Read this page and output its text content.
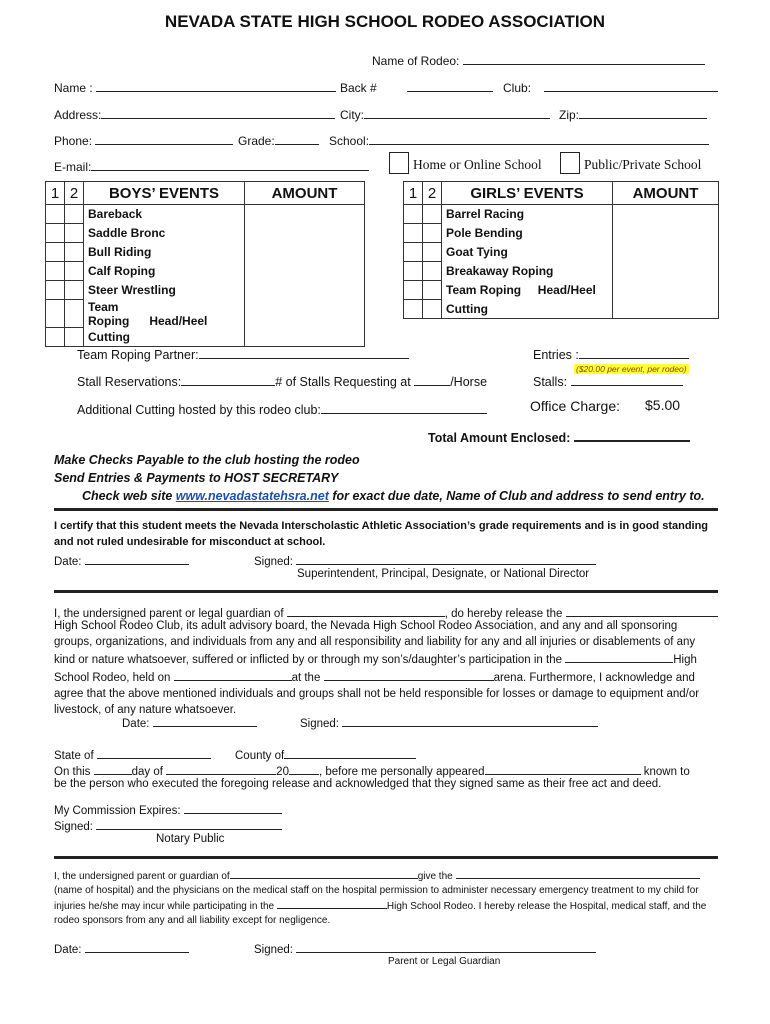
NEVADA STATE HIGH SCHOOL RODEO ASSOCIATION
Name of Rodeo:
Name :	Back #	Club:
Address:	City:	Zip:
Phone:	Grade:	School:
E-mail:	Home or Online School	Public/Private School
1	2	BOYS’ EVENTS	AMOUNT
		Bareback	
		Saddle Bronc	
		Bull Riding	
		Calf Roping	
		Steer Wrestling	
		Team Roping Head/Heel	
		Cutting	
1	2	GIRLS’ EVENTS	AMOUNT
		Barrel Racing	
		Pole Bending	
		Goat Tying	
		Breakaway Roping	
		Team Roping Head/Heel	
		Cutting	
Team Roping Partner:	Entries :
($20.00 per event, per rodeo)
Stall Reservations:	# of Stalls Requesting at	/Horse	Stalls:
Additional Cutting hosted by this rodeo club:	Office Charge: $5.00
Total Amount Enclosed:
Make Checks Payable to the club hosting the rodeo
Send Entries & Payments to HOST SECRETARY
Check web site www.nevadastatehsra.net for exact due date, Name of Club and address to send entry to.
I certify that this student meets the Nevada Interscholastic Athletic Association’s grade requirements and is in good standing and not ruled undesirable for misconduct at school.
Date:	Signed:
Superintendent, Principal, Designate, or National Director
I, the undersigned parent or legal guardian of	, do hereby release the
High School Rodeo Club, its adult advisory board, the Nevada High School Rodeo Association, and any and all sponsoring groups, organizations, and individuals from any and all responsibility and liability for any and all injuries or disablements of any kind or nature whatsoever, suffered or inflicted by or through my son’s/daughter’s participation in the	High School Rodeo, held on	at the	arena. Furthermore, I acknowledge and agree that the above mentioned individuals and groups shall not be held responsible for losses or damage to equipment and/or livestock, of any nature whatsoever.
Date:	Signed:
State of	County of
On this	day of	20	, before me personally appeared	known to
be the person who executed the foregoing release and acknowledged that they signed same as their free act and deed.
My Commission Expires:
Signed:
Notary Public
I, the undersigned parent or guardian of	give the  (name of hospital) and the physicians on the medical staff on the hospital permission to administer necessary emergency treatment to my child for injuries he/she may incur while participating in the	High School Rodeo. I hereby release the Hospital, medical staff, and the rodeo sponsors from any and all liability except for negligence.
Date:	Signed:
Parent or Legal Guardian
